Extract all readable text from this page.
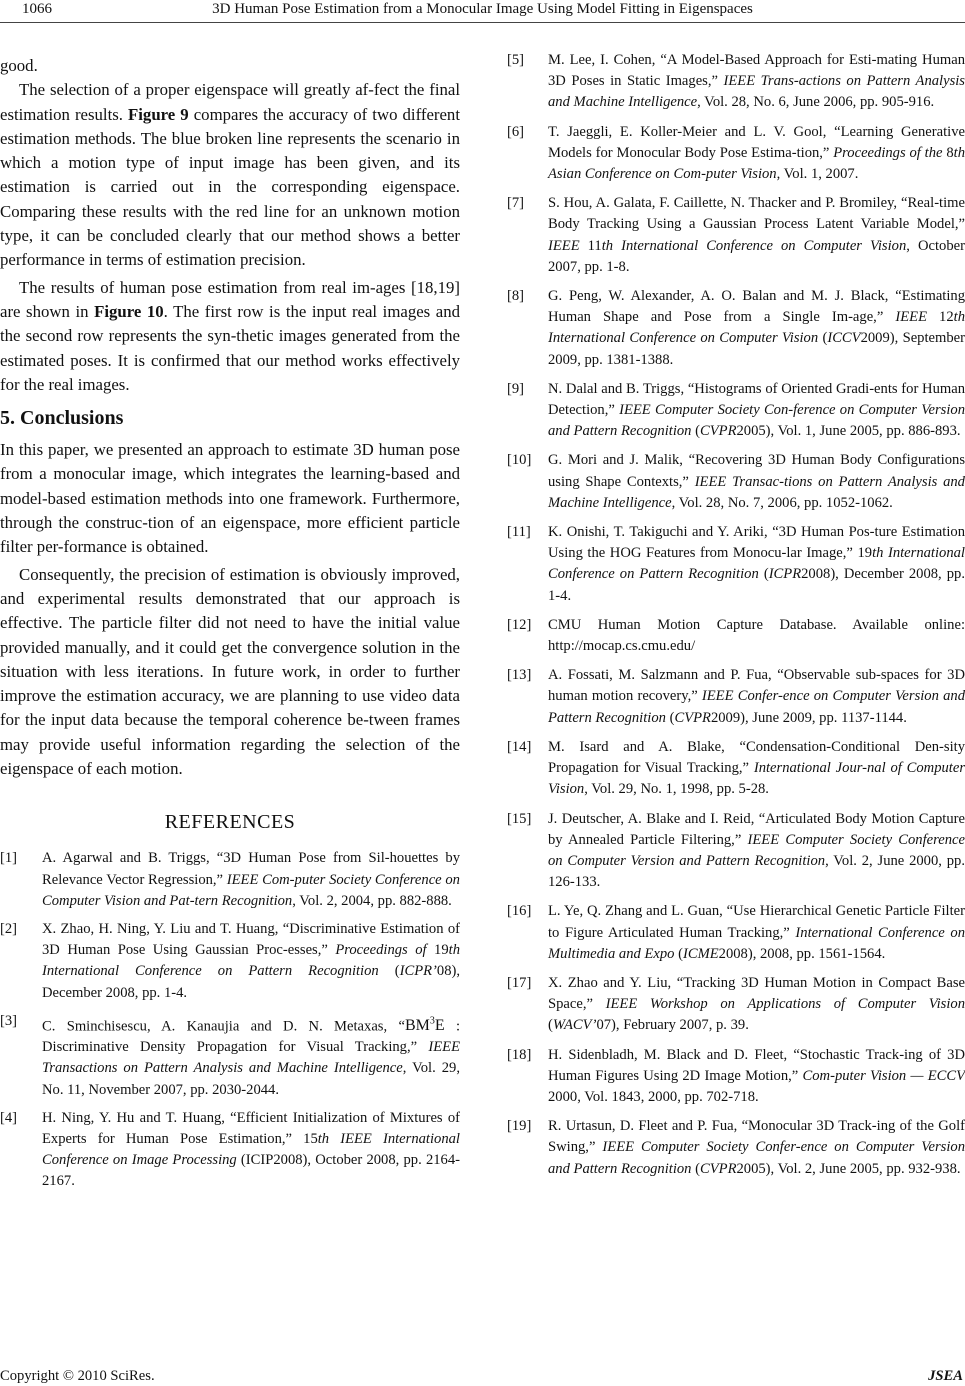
1066	3D Human Pose Estimation from a Monocular Image Using Model Fitting in Eigenspaces

good.

The selection of a proper eigenspace will greatly af-fect the final estimation results. Figure 9 compares the accuracy of two different estimation methods. The blue broken line represents the scenario in which a motion type of input image has been given, and its estimation is carried out in the corresponding eigenspace. Comparing these results with the red line for an unknown motion type, it can be concluded clearly that our method shows a better performance in terms of estimation precision.

The results of human pose estimation from real im-ages [18,19] are shown in Figure 10. The first row is the input real images and the second row represents the syn-thetic images generated from the estimated poses. It is confirmed that our method works effectively for the real images.

5. Conclusions

In this paper, we presented an approach to estimate 3D human pose from a monocular image, which integrates the learning-based and model-based estimation methods into one framework. Furthermore, through the construc-tion of an eigenspace, more efficient particle filter per-formance is obtained.

Consequently, the precision of estimation is obviously improved, and experimental results demonstrated that our approach is effective. The particle filter did not need to have the initial value provided manually, and it could get the convergence solution in the situation with less iterations. In future work, in order to further improve the estimation accuracy, we are planning to use video data for the input data because the temporal coherence be-tween frames may provide useful information regarding the selection of the eigenspace of each motion.

REFERENCES
[1]	A. Agarwal and B. Triggs, “3D Human Pose from Sil-houettes by Relevance Vector Regression,” IEEE Com-puter Society Conference on Computer Vision and Pat-tern Recognition, Vol. 2, 2004, pp. 882-888.
[2]	X. Zhao, H. Ning, Y. Liu and T. Huang, “Discriminative Estimation of 3D Human Pose Using Gaussian Proc-esses,” Proceedings of 19th International Conference on Pattern Recognition (ICPR’08), December 2008, pp. 1-4.
[3]	C. Sminchisescu, A. Kanaujia and D. N. Metaxas, “$BM^3E$ : Discriminative Density Propagation for Visual Tracking,” IEEE Transactions on Pattern Analysis and Machine Intelligence, Vol. 29, No. 11, November 2007, pp. 2030-2044.
[4]	H. Ning, Y. Hu and T. Huang, “Efficient Initialization of Mixtures of Experts for Human Pose Estimation,” 15th IEEE International Conference on Image Processing (ICIP2008), October 2008, pp. 2164-2167.
[5]	M. Lee, I. Cohen, “A Model-Based Approach for Esti-mating Human 3D Poses in Static Images,” IEEE Trans-actions on Pattern Analysis and Machine Intelligence, Vol. 28, No. 6, June 2006, pp. 905-916.
[6]	T. Jaeggli, E. Koller-Meier and L. V. Gool, “Learning Generative Models for Monocular Body Pose Estima-tion,” Proceedings of the 8th Asian Conference on Com-puter Vision, Vol. 1, 2007.
[7]	S. Hou, A. Galata, F. Caillette, N. Thacker and P. Bromiley, “Real-time Body Tracking Using a Gaussian Process Latent Variable Model,” IEEE 11th International Conference on Computer Vision, October 2007, pp. 1-8.
[8]	G. Peng, W. Alexander, A. O. Balan and M. J. Black, “Estimating Human Shape and Pose from a Single Im-age,” IEEE 12th International Conference on Computer Vision (ICCV2009), September 2009, pp. 1381-1388.
[9]	N. Dalal and B. Triggs, “Histograms of Oriented Gradi-ents for Human Detection,” IEEE Computer Society Con-ference on Computer Version and Pattern Recognition (CVPR2005), Vol. 1, June 2005, pp. 886-893.
[10]	G. Mori and J. Malik, “Recovering 3D Human Body Configurations using Shape Contexts,” IEEE Transac-tions on Pattern Analysis and Machine Intelligence, Vol. 28, No. 7, 2006, pp. 1052-1062.
[11]	K. Onishi, T. Takiguchi and Y. Ariki, “3D Human Pos-ture Estimation Using the HOG Features from Monocu-lar Image,” 19th International Conference on Pattern Recognition (ICPR2008), December 2008, pp. 1-4.
[12]	CMU Human Motion Capture Database. Available online: http://mocap.cs.cmu.edu/
[13]	A. Fossati, M. Salzmann and P. Fua, “Observable sub-spaces for 3D human motion recovery,” IEEE Confer-ence on Computer Version and Pattern Recognition (CVPR2009), June 2009, pp. 1137-1144.
[14]	M. Isard and A. Blake, “Condensation-Conditional Den-sity Propagation for Visual Tracking,” International Jour-nal of Computer Vision, Vol. 29, No. 1, 1998, pp. 5-28.
[15]	J. Deutscher, A. Blake and I. Reid, “Articulated Body Motion Capture by Annealed Particle Filtering,” IEEE Computer Society Conference on Computer Version and Pattern Recognition, Vol. 2, June 2000, pp. 126-133.
[16]	L. Ye, Q. Zhang and L. Guan, “Use Hierarchical Genetic Particle Filter to Figure Articulated Human Tracking,” International Conference on Multimedia and Expo (ICME2008), 2008, pp. 1561-1564.
[17]	X. Zhao and Y. Liu, “Tracking 3D Human Motion in Compact Base Space,” IEEE Workshop on Applications of Computer Vision (WACV’07), February 2007, p. 39.
[18]	H. Sidenbladh, M. Black and D. Fleet, “Stochastic Track-ing of 3D Human Figures Using 2D Image Motion,” Com-puter Vision — ECCV 2000, Vol. 1843, 2000, pp. 702-718.
[19]	R. Urtasun, D. Fleet and P. Fua, “Monocular 3D Track-ing of the Golf Swing,” IEEE Computer Society Confer-ence on Computer Version and Pattern Recognition (CVPR2005), Vol. 2, June 2005, pp. 932-938.
Copyright © 2010 SciRes.	JSEA
